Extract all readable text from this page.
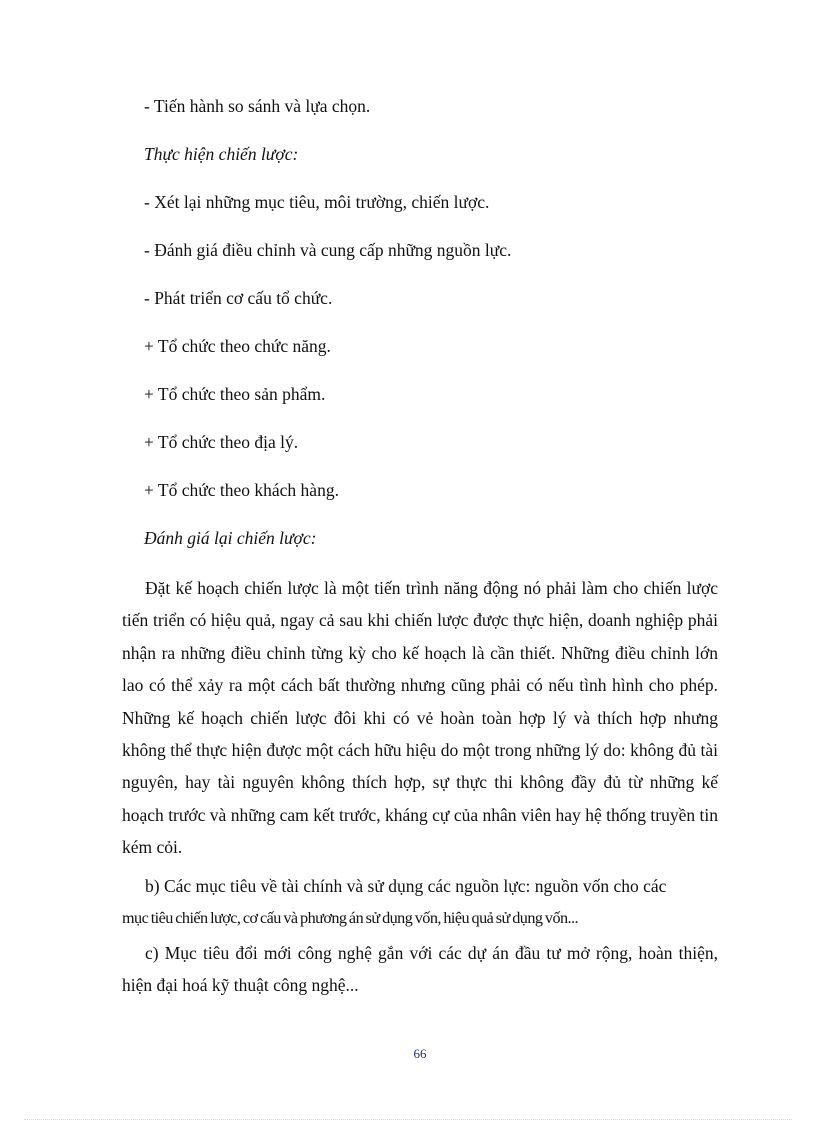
- Tiến hành so sánh và lựa chọn.
Thực hiện chiến lược:
- Xét lại những mục tiêu, môi trường, chiến lược.
- Đánh giá điều chỉnh và cung cấp những nguồn lực.
- Phát triển cơ cấu tổ chức.
+ Tổ chức theo chức năng.
+ Tổ chức theo sản phẩm.
+ Tổ chức theo địa lý.
+ Tổ chức theo khách hàng.
Đánh giá lại chiến lược:
Đặt kế hoạch chiến lược là một tiến trình năng động nó phải làm cho chiến lược tiến triển có hiệu quả, ngay cả sau khi chiến lược được thực hiện, doanh nghiệp phải nhận ra những điều chỉnh từng kỳ cho kế hoạch là cần thiết. Những điều chỉnh lớn lao có thể xảy ra một cách bất thường nhưng cũng phải có nếu tình hình cho phép. Những kế hoạch chiến lược đôi khi có vẻ hoàn toàn hợp lý và thích hợp nhưng không thể thực hiện được một cách hữu hiệu do một trong những lý do: không đủ tài nguyên, hay tài nguyên không thích hợp, sự thực thi không đầy đủ từ những kế hoạch trước và những cam kết trước, kháng cự của nhân viên hay hệ thống truyền tin kém cỏi.
b) Các mục tiêu về tài chính và sử dụng các nguồn lực: nguồn vốn cho các
mục tiêu chiến lược, cơ cấu và phương án sử dụng vốn, hiệu quả sử dụng vốn...
c) Mục tiêu đổi mới công nghệ gắn với các dự án đầu tư mở rộng, hoàn thiện, hiện đại hoá kỹ thuật công nghệ...
66
